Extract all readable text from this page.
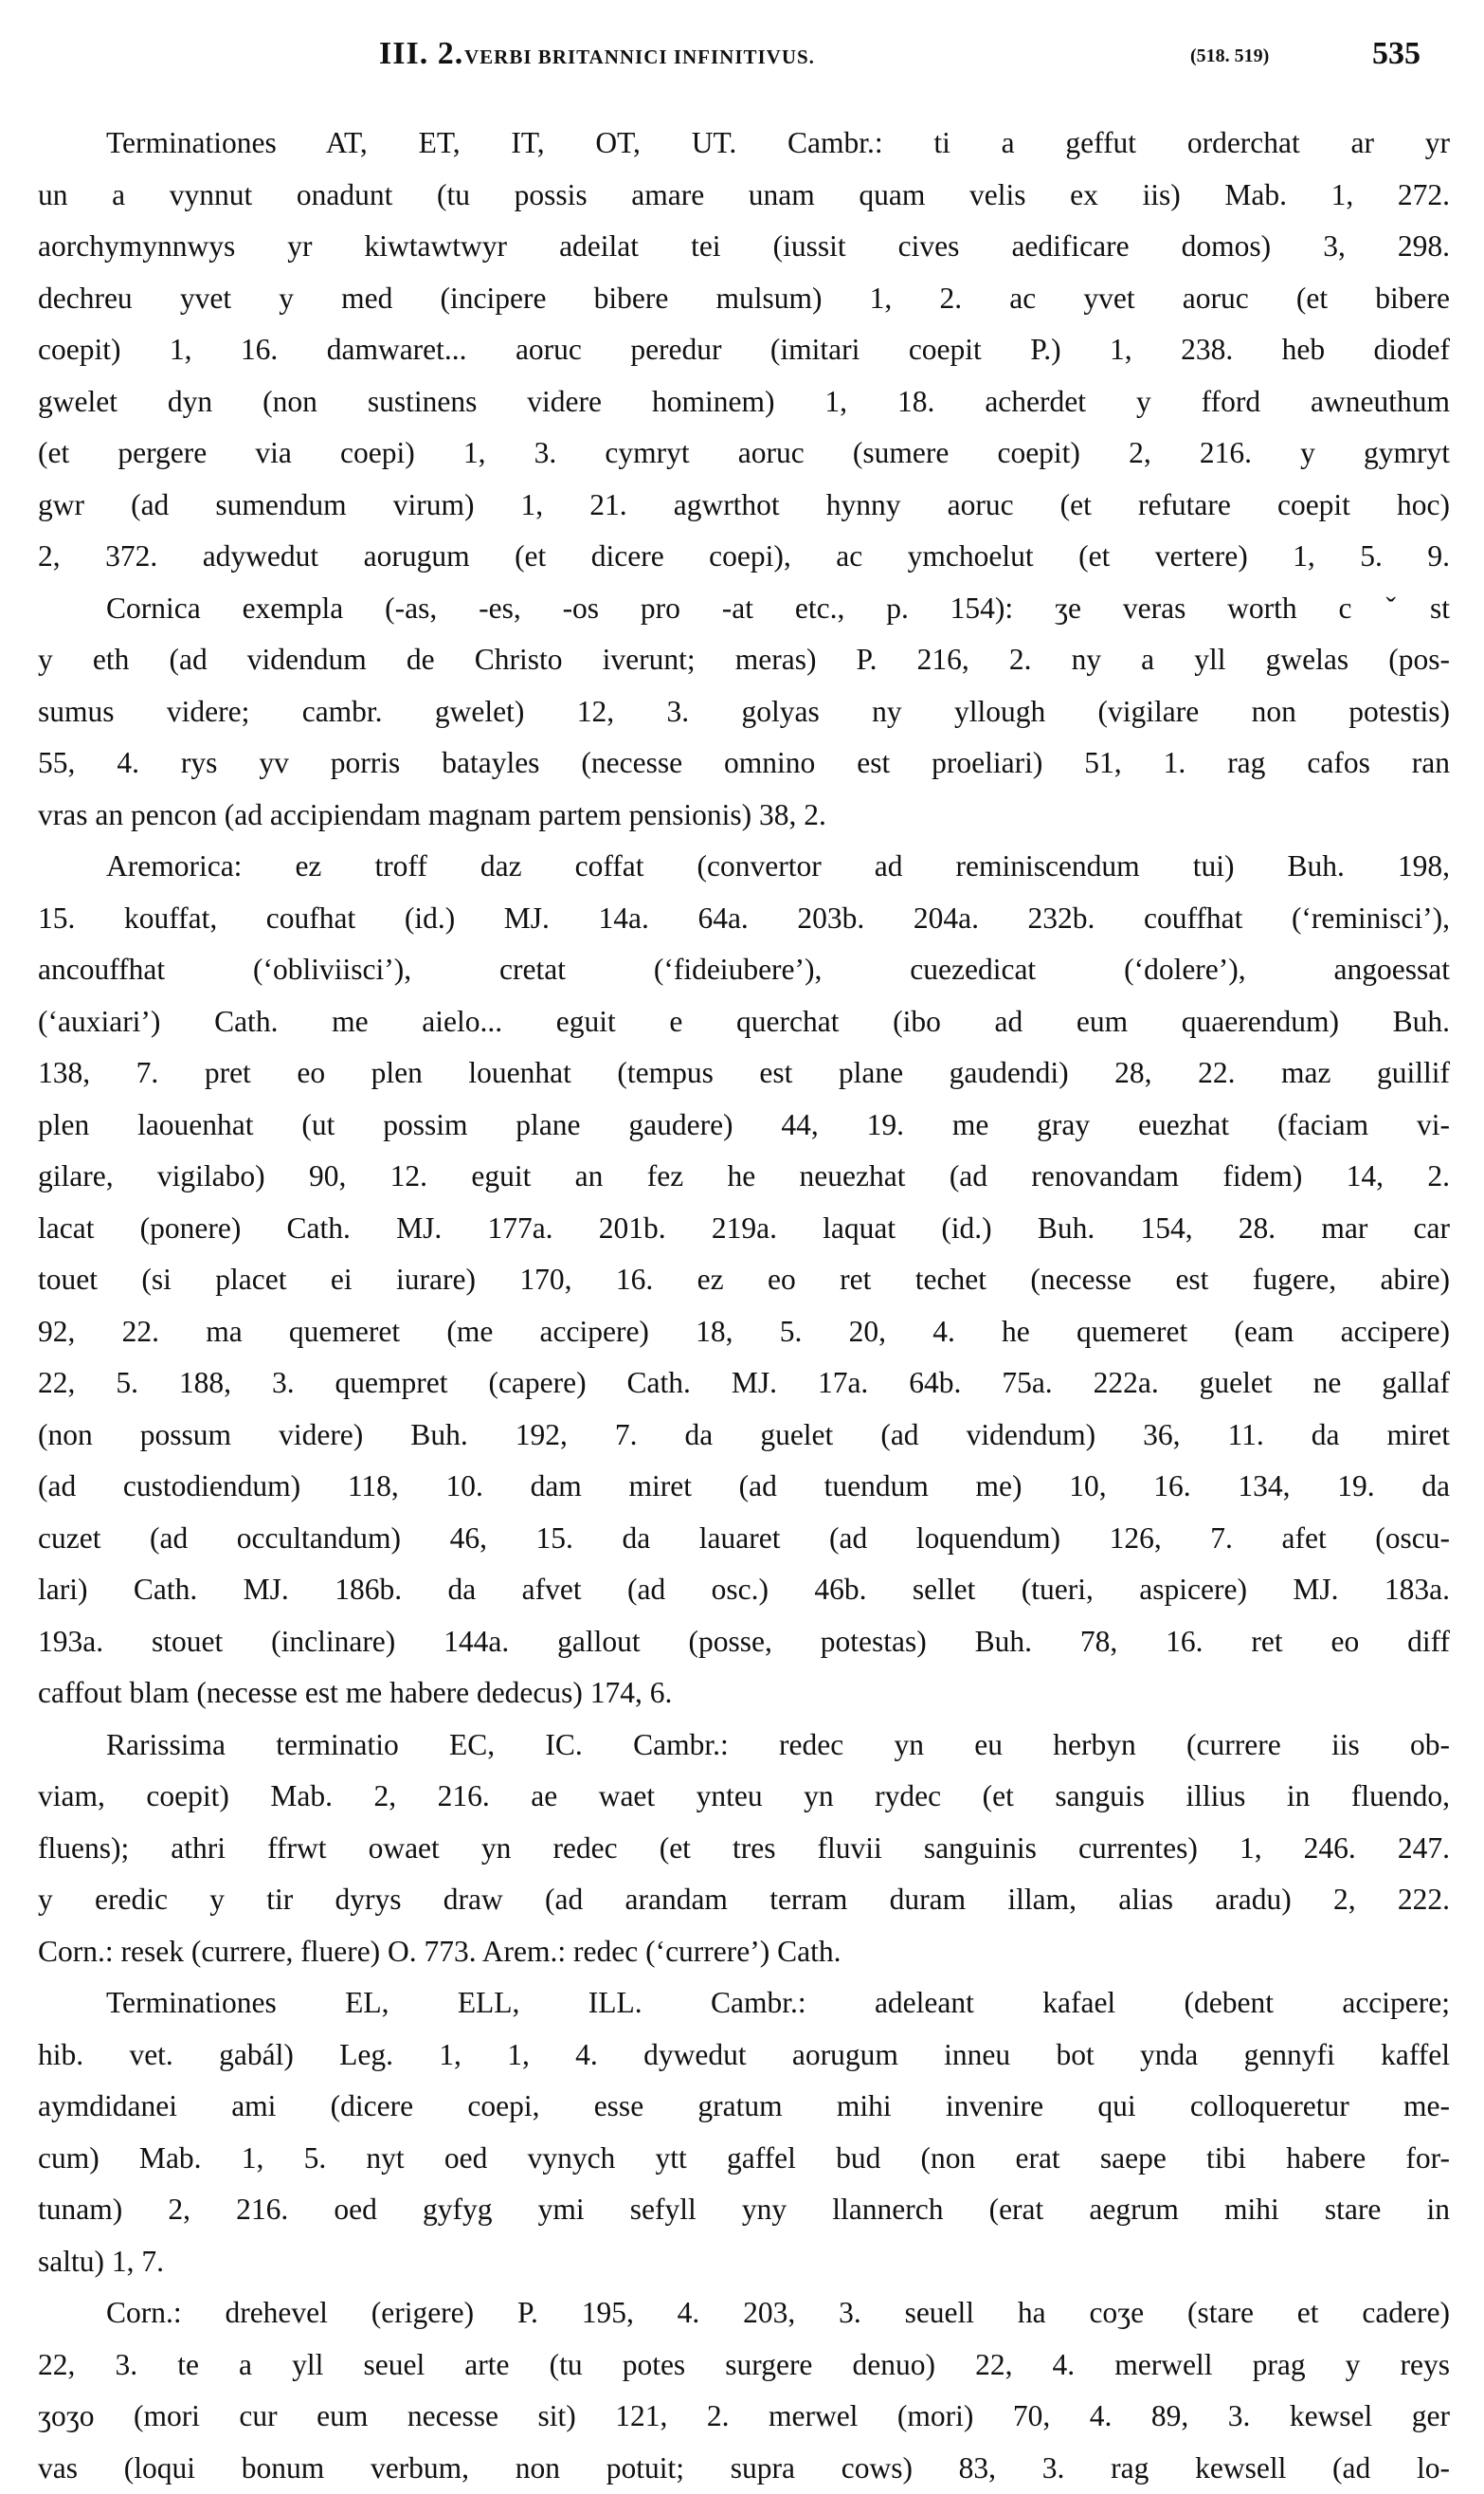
III. 2. VERBI BRITANNICI INFINITIVUS.	(518. 519)	535
Terminationes AT, ET, IT, OT, UT. Cambr.: ti a geffut orderchat ar yr
un a vynnut onadunt (tu possis amare unam quam velis ex iis) Mab. 1, 272.
aorchymynnwys yr kiwtawtwyr adeilat tei (iussit cives aedificare domos) 3, 298.
dechreu yvet y med (incipere bibere mulsum) 1, 2. ac yvet aoruc (et bibere
coepit) 1, 16. damwaret... aoruc peredur (imitari coepit P.) 1, 238. heb diodef
gwelet dyn (non sustinens videre hominem) 1, 18. acherdet y fford awneuthum
(et pergere via coepi) 1, 3. cymryt aoruc (sumere coepit) 2, 216. y gymryt
gwr (ad sumendum virum) 1, 21. agwrthot hynny aoruc (et refutare coepit hoc)
2, 372. adywedut aorugum (et dicere coepi), ac ymchoelut (et vertere) 1, 5. 9.
Cornica exempla (-as, -es, -os pro -at etc., p. 154): ʒe veras worth cˇst
y eth (ad videndum de Christo iverunt; meras) P. 216, 2. ny a yll gwelas (pos-
sumus videre; cambr. gwelet) 12, 3. golyas ny yllough (vigilare non potestis)
55, 4. rys yv porris batayles (necesse omnino est proeliari) 51, 1. rag cafos ran
vras an pencon (ad accipiendam magnam partem pensionis) 38, 2.
Aremorica: ez troff daz coffat (convertor ad reminiscendum tui) Buh. 198,
15. kouffat, coufhat (id.) MJ. 14a. 64a. 203b. 204a. 232b. couffhat (ʻreminisciʼ),
ancouffhat (ʻobliviisciʼ), cretat (ʻfideiubereʼ), cuezedicat (ʻdolereʼ), angoessat
(ʻauxiariʼ) Cath. me aielo... eguit e querchat (ibo ad eum quaerendum) Buh.
138, 7. pret eo plen louenhat (tempus est plane gaudendi) 28, 22. maz guillif
plen laouenhat (ut possim plane gaudere) 44, 19. me gray euezhat (faciam vi-
gilare, vigilabo) 90, 12. eguit an fez he neuezhat (ad renovandam fidem) 14, 2.
lacat (ponere) Cath. MJ. 177a. 201b. 219a. laquat (id.) Buh. 154, 28. mar car
touet (si placet ei iurare) 170, 16. ez eo ret techet (necesse est fugere, abire)
92, 22. ma quemeret (me accipere) 18, 5. 20, 4. he quemeret (eam accipere)
22, 5. 188, 3. quempret (capere) Cath. MJ. 17a. 64b. 75a. 222a. guelet ne gallaf
(non possum videre) Buh. 192, 7. da guelet (ad videndum) 36, 11. da miret
(ad custodiendum) 118, 10. dam miret (ad tuendum me) 10, 16. 134, 19. da
cuzet (ad occultandum) 46, 15. da lauaret (ad loquendum) 126, 7. afet (oscu-
lari) Cath. MJ. 186b. da afvet (ad osc.) 46b. sellet (tueri, aspicere) MJ. 183a.
193a. stouet (inclinare) 144a. gallout (posse, potestas) Buh. 78, 16. ret eo diff
caffout blam (necesse est me habere dedecus) 174, 6.
Rarissima terminatio EC, IC. Cambr.: redec yn eu herbyn (currere iis ob-
viam, coepit) Mab. 2, 216. ae waet ynteu yn rydec (et sanguis illius in fluendo,
fluens); athri ffrwt owaet yn redec (et tres fluvii sanguinis currentes) 1, 246. 247.
y eredic y tir dyrys draw (ad arandam terram duram illam, alias aradu) 2, 222.
Corn.: resek (currere, fluere) O. 773. Arem.: redec (ʻcurrereʼ) Cath.
Terminationes EL, ELL, ILL. Cambr.: adeleant kafael (debent accipere;
hib. vet. gabál) Leg. 1, 1, 4. dywedut aorugum inneu bot ynda gennyfi kaffel
aymdidanei ami (dicere coepi, esse gratum mihi invenire qui colloqueretur me-
cum) Mab. 1, 5. nyt oed vynych ytt gaffel bud (non erat saepe tibi habere for-
tunam) 2, 216. oed gyfyg ymi sefyll yny llannerch (erat aegrum mihi stare in
saltu) 1, 7.
Corn.: drehevel (erigere) P. 195, 4. 203, 3. seuell ha coʒe (stare et cadere)
22, 3. te a yll seuel arte (tu potes surgere denuo) 22, 4. merwell prag y reys
ʒoʒo (mori cur eum necesse sit) 121, 2. merwel (mori) 70, 4. 89, 3. kewsel ger
vas (loqui bonum verbum, non potuit; supra cows) 83, 3. rag kewsell (ad lo-
